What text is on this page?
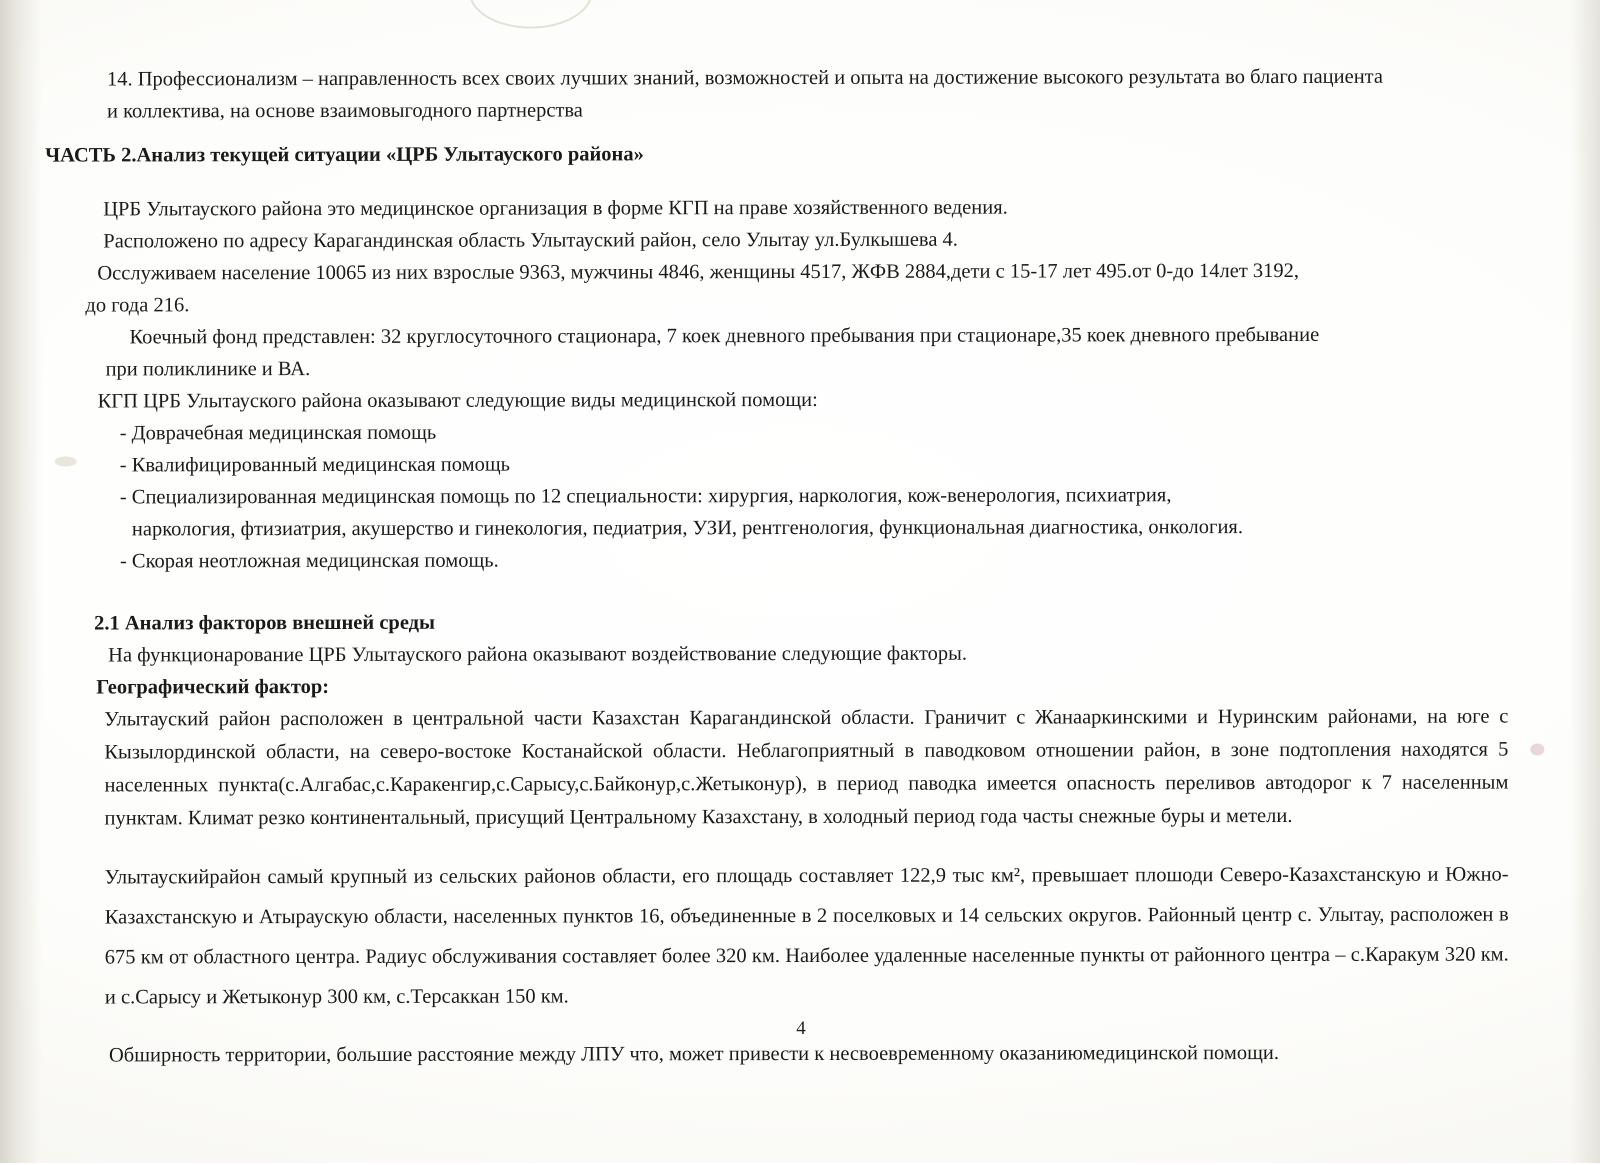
14. Профессионализм – направленность всех своих лучших знаний, возможностей и опыта на достижение высокого результата во благо пациента
и коллектива, на основе взаимовыгодного партнерства
ЧАСТЬ 2.Анализ текущей ситуации «ЦРБ Улытауского района»
ЦРБ Улытауского района это медицинское организация в форме КГП на праве хозяйственного ведения.
Расположено по адресу Карагандинская область Улытауский район, село Улытау ул.Булкышева 4.
Осслуживаем население 10065 из них взрослые 9363, мужчины 4846, женщины 4517, ЖФВ 2884,дети с 15-17 лет 495.от 0-до 14лет 3192,
до года 216.
Коечный фонд представлен: 32 круглосуточного стационара, 7 коек дневного пребывания при стационаре,35 коек дневного пребывание
при поликлинике и ВА.
КГП ЦРБ Улытауского района оказывают следующие виды медицинской помощи:
- Доврачебная медицинская помощь
- Квалифицированный медицинская помощь
- Специализированная медицинская помощь по 12 специальности: хирургия, наркология, кож-венерология, психиатрия,
наркология, фтизиатрия, акушерство и гинекология, педиатрия, УЗИ, рентгенология, функциональная диагностика, онкология.
- Скорая неотложная медицинская помощь.
2.1 Анализ факторов внешней среды
На функционарование ЦРБ Улытауского района оказывают воздействование следующие факторы.
Географический фактор:
Улытауский район расположен в центральной части Казахстан Карагандинской области. Граничит с Жанааркинскими и Нуринским районами, на юге с Кызылординской области, на северо-востоке Костанайской области. Неблагоприятный в паводковом отношении район, в зоне подтопления находятся 5 населенных пункта(с.Алгабас,с.Каракенгир,с.Сарысу,с.Байконур,с.Жетыконур), в период паводка имеется опасность переливов автодорог к 7 населенным пунктам. Климат резко континентальный, присущий Центральному Казахстану, в холодный период года часты снежные буры и метели.
Улытаускийрайон самый крупный из сельских районов области, его площадь составляет 122,9 тыс км², превышает плошоди Северо-Казахстанскую и Южно-Казахстанскую и Атырауcкую области, населенных пунктов 16, объединенные в 2 поселковых и 14 сельских округов. Районный центр с. Улытау, расположен в 675 км от областного центра. Радиус обслуживания составляет более 320 км. Наиболее удаленные населенные пункты от районного центра – с.Каракум 320 км. и с.Сарысу и Жетыконур 300 км, с.Терсаккан 150 км.
Обширность территории, большие расстояние между ЛПУ что, может привести к несвоевременному оказаниюмедицинской помощи.
4
